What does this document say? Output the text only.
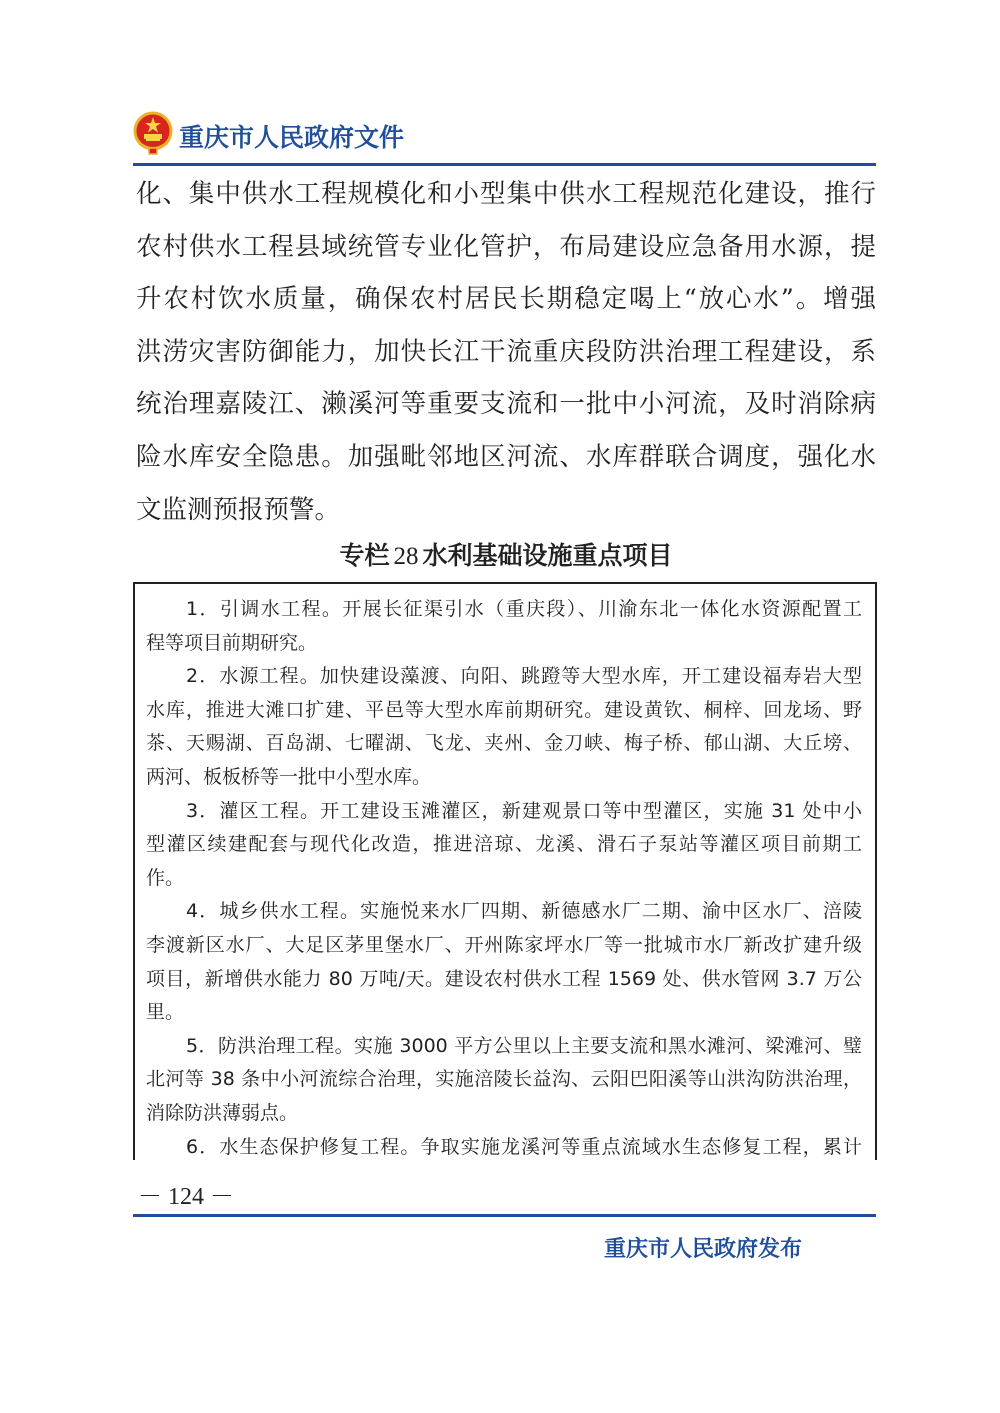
重庆市人民政府文件
化、集中供水工程规模化和小型集中供水工程规范化建设，推行
农村供水工程县域统管专业化管护，布局建设应急备用水源，提
升农村饮水质量，确保农村居民长期稳定喝上“放心水”。增强
洪涝灾害防御能力，加快长江干流重庆段防洪治理工程建设，系
统治理嘉陵江、濑溪河等重要支流和一批中小河流，及时消除病
险水库安全隐患。加强毗邻地区河流、水库群联合调度，强化水
文监测预报预警。
专栏 28 水利基础设施重点项目
1．引调水工程。开展长征渠引水（重庆段）、川渝东北一体化水资源配置工
程等项目前期研究。
2．水源工程。加快建设藻渡、向阳、跳蹬等大型水库，开工建设福寿岩大型
水库，推进大滩口扩建、平邑等大型水库前期研究。建设黄钦、桐梓、回龙场、野
茶、天赐湖、百岛湖、七曜湖、飞龙、夹州、金刀峡、梅子桥、郁山湖、大丘塝、
两河、板板桥等一批中小型水库。
3．灌区工程。开工建设玉滩灌区，新建观景口等中型灌区，实施 31 处中小
型灌区续建配套与现代化改造，推进涪琼、龙溪、滑石子泵站等灌区项目前期工
作。
4．城乡供水工程。实施悦来水厂四期、新德感水厂二期、渝中区水厂、涪陵
李渡新区水厂、大足区茅里堡水厂、开州陈家坪水厂等一批城市水厂新改扩建升级
项目，新增供水能力 80 万吨/天。建设农村供水工程 1569 处、供水管网 3.7 万公
里。
5．防洪治理工程。实施 3000 平方公里以上主要支流和黑水滩河、梁滩河、璧
北河等 38 条中小河流综合治理，实施涪陵长益沟、云阳巴阳溪等山洪沟防洪治理，
消除防洪薄弱点。
6．水生态保护修复工程。争取实施龙溪河等重点流域水生态修复工程，累计
－ 124 －
重庆市人民政府发布
